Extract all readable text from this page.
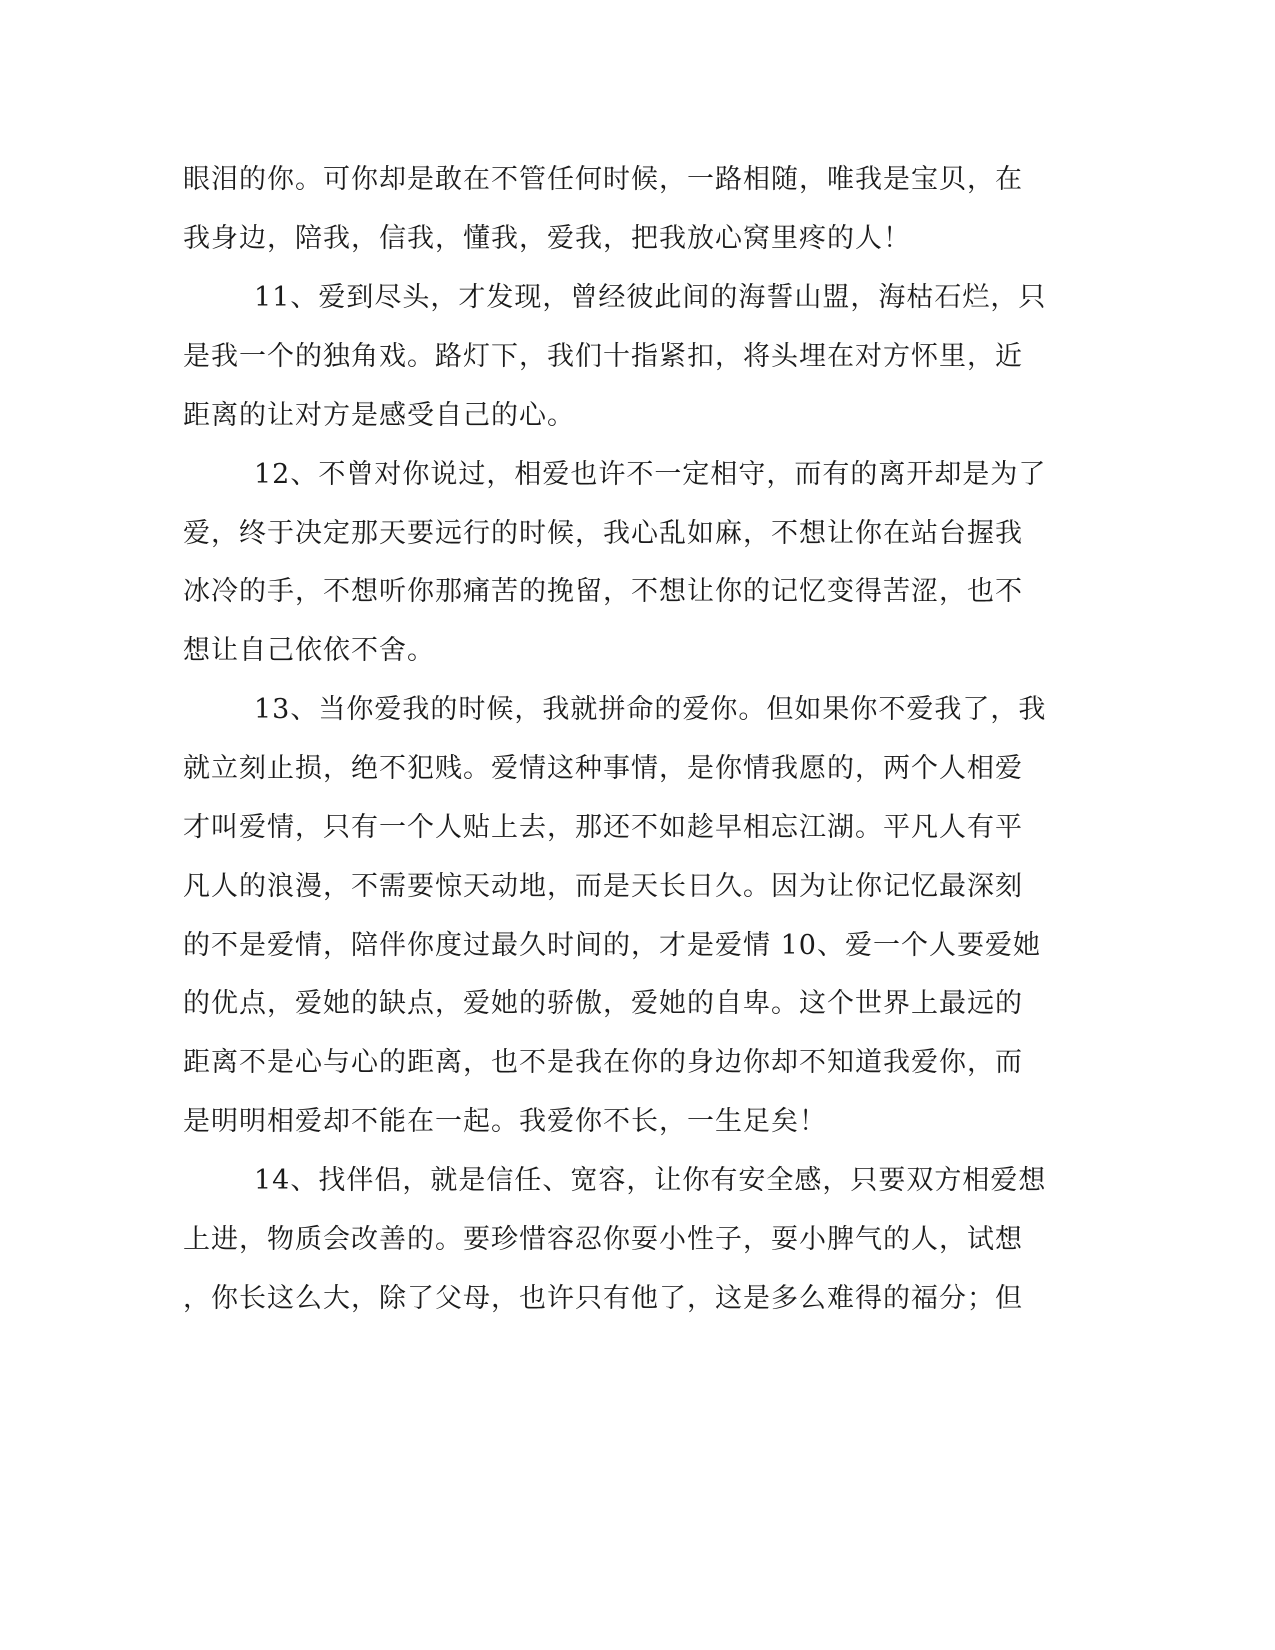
眼泪的你。可你却是敢在不管任何时候，一路相随，唯我是宝贝，在
我身边，陪我，信我，懂我，爱我，把我放心窝里疼的人！
11、爱到尽头，才发现，曾经彼此间的海誓山盟，海枯石烂，只
是我一个的独角戏。路灯下，我们十指紧扣，将头埋在对方怀里，近
距离的让对方是感受自己的心。
12、不曾对你说过，相爱也许不一定相守，而有的离开却是为了
爱，终于决定那天要远行的时候，我心乱如麻，不想让你在站台握我
冰冷的手，不想听你那痛苦的挽留，不想让你的记忆变得苦涩，也不
想让自己依依不舍。
13、当你爱我的时候，我就拼命的爱你。但如果你不爱我了，我
就立刻止损，绝不犯贱。爱情这种事情，是你情我愿的，两个人相爱
才叫爱情，只有一个人贴上去，那还不如趁早相忘江湖。平凡人有平
凡人的浪漫，不需要惊天动地，而是天长日久。因为让你记忆最深刻
的不是爱情，陪伴你度过最久时间的，才是爱情 10、爱一个人要爱她
的优点，爱她的缺点，爱她的骄傲，爱她的自卑。这个世界上最远的
距离不是心与心的距离，也不是我在你的身边你却不知道我爱你，而
是明明相爱却不能在一起。我爱你不长，一生足矣！
14、找伴侣，就是信任、宽容，让你有安全感，只要双方相爱想
上进，物质会改善的。要珍惜容忍你耍小性子，耍小脾气的人，试想
，你长这么大，除了父母，也许只有他了，这是多么难得的福分；但
